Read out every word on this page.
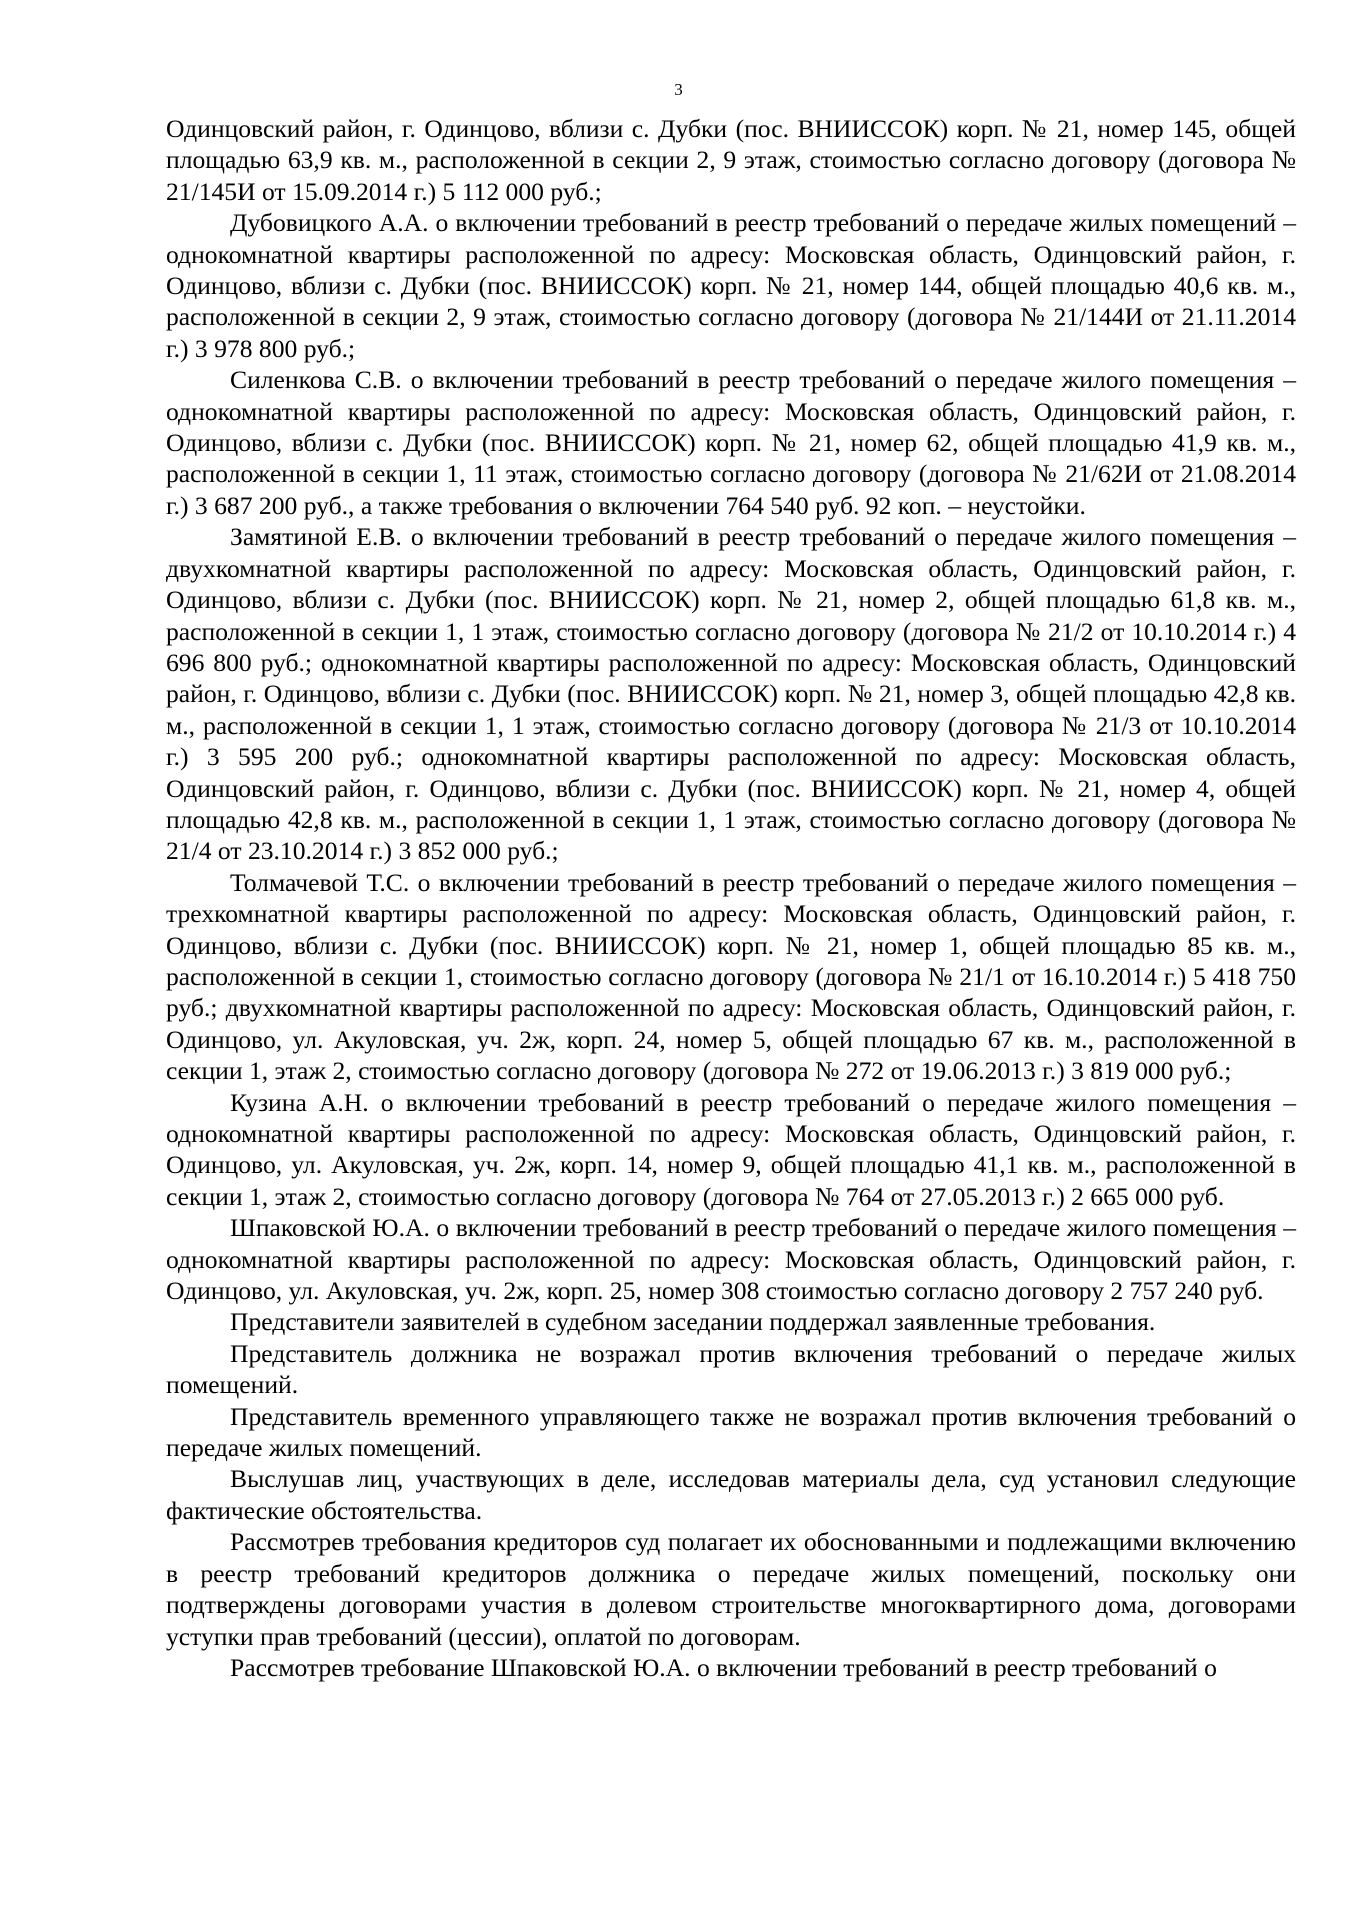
3

Одинцовский район, г. Одинцово, вблизи с. Дубки (пос. ВНИИССОК) корп. № 21, номер 145, общей площадью 63,9 кв. м., расположенной в секции 2, 9 этаж, стоимостью согласно договору (договора № 21/145И от 15.09.2014 г.) 5 112 000 руб.;

Дубовицкого А.А. о включении требований в реестр требований о передаче жилых помещений – однокомнатной квартиры расположенной по адресу: Московская область, Одинцовский район, г. Одинцово, вблизи с. Дубки (пос. ВНИИССОК) корп. № 21, номер 144, общей площадью 40,6 кв. м., расположенной в секции 2, 9 этаж, стоимостью согласно договору (договора № 21/144И от 21.11.2014 г.) 3 978 800 руб.;

Силенкова С.В. о включении требований в реестр требований о передаче жилого помещения – однокомнатной квартиры расположенной по адресу: Московская область, Одинцовский район, г. Одинцово, вблизи с. Дубки (пос. ВНИИССОК) корп. № 21, номер 62, общей площадью 41,9 кв. м., расположенной в секции 1, 11 этаж, стоимостью согласно договору (договора № 21/62И от 21.08.2014 г.) 3 687 200 руб., а также требования о включении 764 540 руб. 92 коп. – неустойки.

Замятиной Е.В. о включении требований в реестр требований о передаче жилого помещения – двухкомнатной квартиры расположенной по адресу: Московская область, Одинцовский район, г. Одинцово, вблизи с. Дубки (пос. ВНИИССОК) корп. № 21, номер 2, общей площадью 61,8 кв. м., расположенной в секции 1, 1 этаж, стоимостью согласно договору (договора № 21/2 от 10.10.2014 г.) 4 696 800 руб.; однокомнатной квартиры расположенной по адресу: Московская область, Одинцовский район, г. Одинцово, вблизи с. Дубки (пос. ВНИИССОК) корп. № 21, номер 3, общей площадью 42,8 кв. м., расположенной в секции 1, 1 этаж, стоимостью согласно договору (договора № 21/3 от 10.10.2014 г.) 3 595 200 руб.; однокомнатной квартиры расположенной по адресу: Московская область, Одинцовский район, г. Одинцово, вблизи с. Дубки (пос. ВНИИССОК) корп. № 21, номер 4, общей площадью 42,8 кв. м., расположенной в секции 1, 1 этаж, стоимостью согласно договору (договора № 21/4 от 23.10.2014 г.) 3 852 000 руб.;

Толмачевой Т.С. о включении требований в реестр требований о передаче жилого помещения – трехкомнатной квартиры расположенной по адресу: Московская область, Одинцовский район, г. Одинцово, вблизи с. Дубки (пос. ВНИИССОК) корп. № 21, номер 1, общей площадью 85 кв. м., расположенной в секции 1, стоимостью согласно договору (договора № 21/1 от 16.10.2014 г.) 5 418 750 руб.; двухкомнатной квартиры расположенной по адресу: Московская область, Одинцовский район, г. Одинцово, ул. Акуловская, уч. 2ж, корп. 24, номер 5, общей площадью 67 кв. м., расположенной в секции 1, этаж 2, стоимостью согласно договору (договора № 272 от 19.06.2013 г.) 3 819 000 руб.;

Кузина А.Н. о включении требований в реестр требований о передаче жилого помещения – однокомнатной квартиры расположенной по адресу: Московская область, Одинцовский район, г. Одинцово, ул. Акуловская, уч. 2ж, корп. 14, номер 9, общей площадью 41,1 кв. м., расположенной в секции 1, этаж 2, стоимостью согласно договору (договора № 764 от 27.05.2013 г.) 2 665 000 руб.

Шпаковской Ю.А. о включении требований в реестр требований о передаче жилого помещения – однокомнатной квартиры расположенной по адресу: Московская область, Одинцовский район, г. Одинцово, ул. Акуловская, уч. 2ж, корп. 25, номер 308 стоимостью согласно договору 2 757 240 руб.

Представители заявителей в судебном заседании поддержал заявленные требования.

Представитель должника не возражал против включения требований о передаче жилых помещений.

Представитель временного управляющего также не возражал против включения требований о передаче жилых помещений.

Выслушав лиц, участвующих в деле, исследовав материалы дела, суд установил следующие фактические обстоятельства.

Рассмотрев требования кредиторов суд полагает их обоснованными и подлежащими включению в реестр требований кредиторов должника о передаче жилых помещений, поскольку они подтверждены договорами участия в долевом строительстве многоквартирного дома, договорами уступки прав требований (цессии), оплатой по договорам.

Рассмотрев требование Шпаковской Ю.А. о включении требований в реестр требований о
